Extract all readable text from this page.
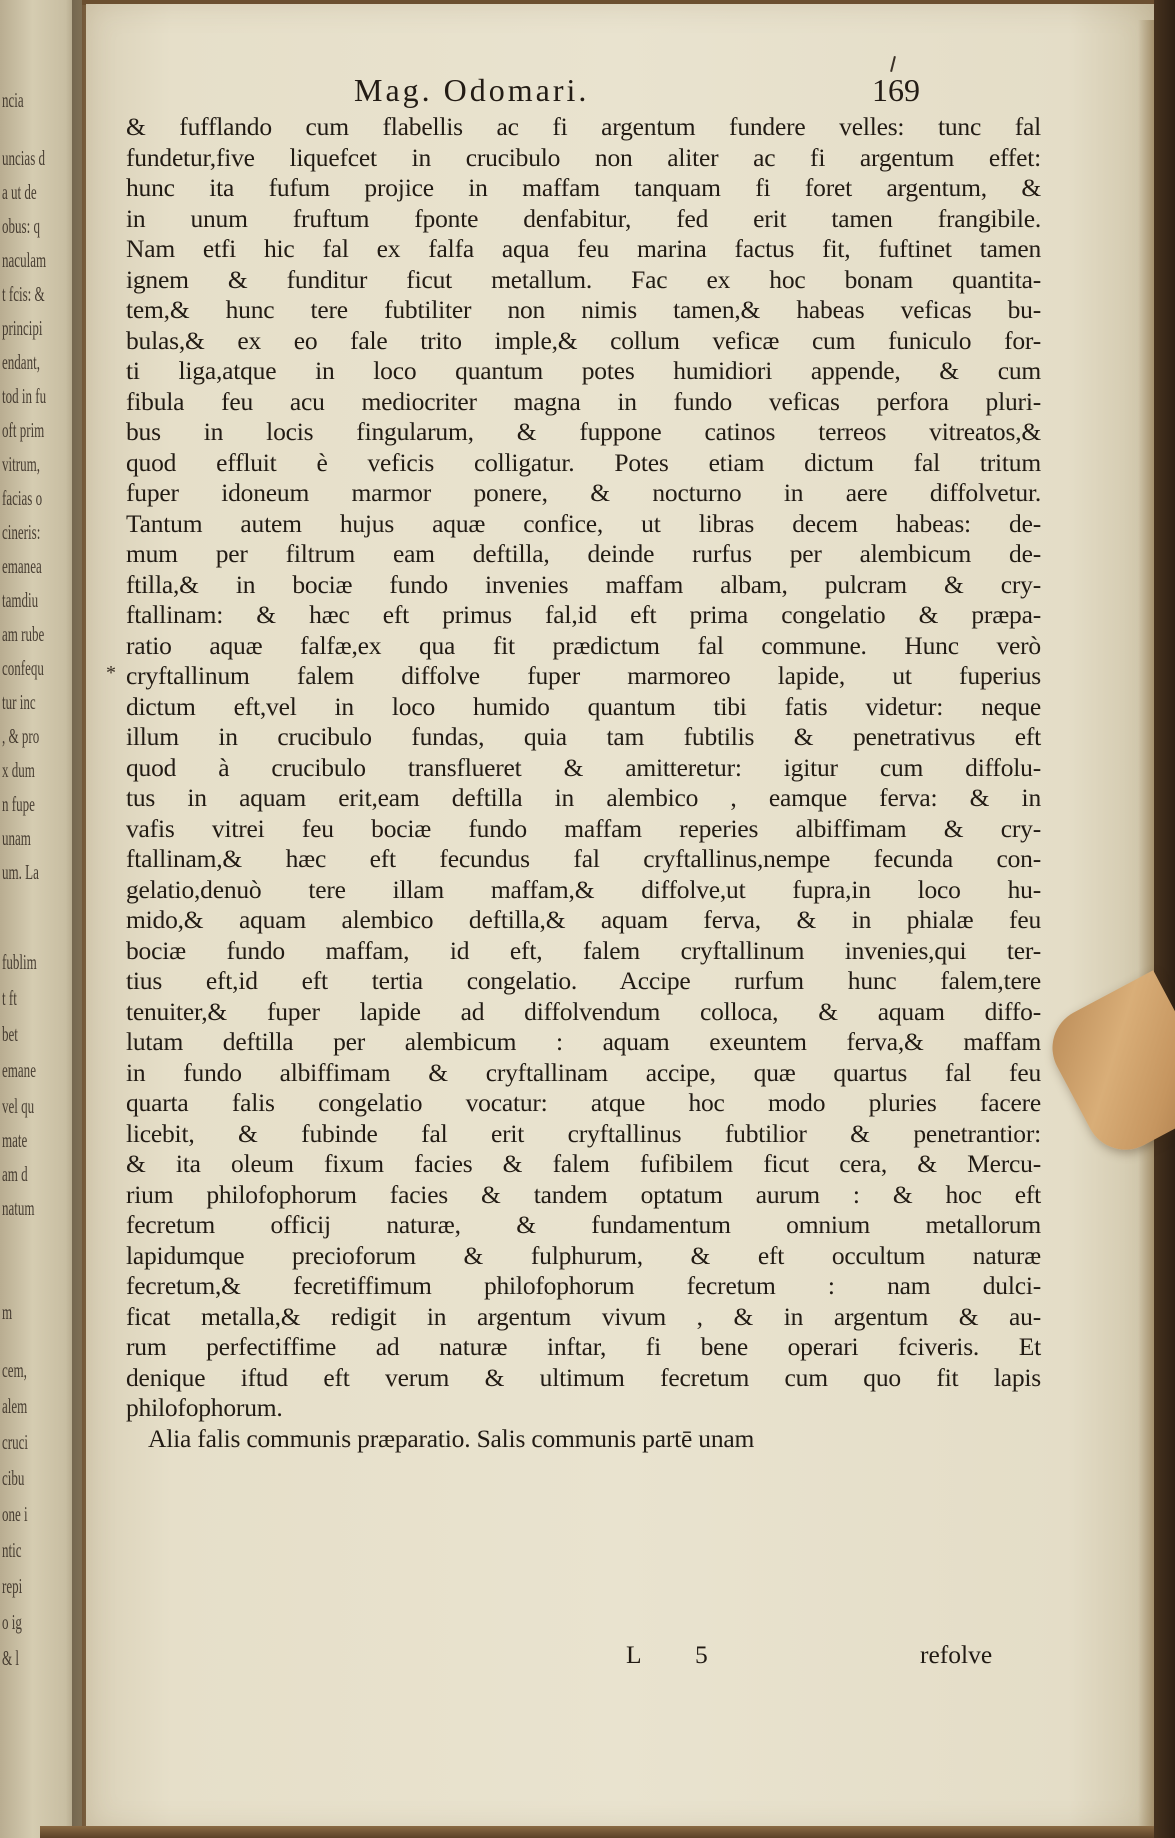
ncia
uncias d
a ut de
obus: q
naculam
t fcis: &
principi
endant,
tod in fu
oft prim
vitrum,
facias o
cineris:
emanea
tamdiu
am rube
confequ
tur inc
, & pro
x dum
n fupe
unam
um. La
fublim
t ft
bet
emane
vel qu
mate
am d
natum
m
cem,
alem
cruci
cibu
one i
ntic
repi
o ig
& l
Mag. Odomari.	169
*
& fufflando cum flabellis ac fi argentum fundere velles: tunc fal
fundetur,five liquefcet in crucibulo non aliter ac fi argentum effet:
hunc ita fufum projice in maffam tanquam fi foret argentum, &
in unum fruftum fponte denfabitur, fed erit tamen frangibile.
Nam etfi hic fal ex falfa aqua feu marina factus fit, fuftinet tamen
ignem & funditur ficut metallum. Fac ex hoc bonam quantita-
tem,& hunc tere fubtiliter non nimis tamen,& habeas veficas bu-
bulas,& ex eo fale trito imple,& collum veficæ cum funiculo for-
ti liga,atque in loco quantum potes humidiori appende, & cum
fibula feu acu mediocriter magna in fundo veficas perfora pluri-
bus in locis fingularum, & fuppone catinos terreos vitreatos,&
quod effluit è veficis colligatur. Potes etiam dictum fal tritum
fuper idoneum marmor ponere, & nocturno in aere diffolvetur.
Tantum autem hujus aquæ confice, ut libras decem habeas: de-
mum per filtrum eam deftilla, deinde rurfus per alembicum de-
ftilla,& in bociæ fundo invenies maffam albam, pulcram & cry-
ftallinam: & hæc eft primus fal,id eft prima congelatio & præpa-
ratio aquæ falfæ,ex qua fit prædictum fal commune. Hunc verò
cryftallinum falem diffolve fuper marmoreo lapide, ut fuperius
dictum eft,vel in loco humido quantum tibi fatis videtur: neque
illum in crucibulo fundas, quia tam fubtilis & penetrativus eft
quod à crucibulo transflueret & amitteretur: igitur cum diffolu-
tus in aquam erit,eam deftilla in alembico , eamque ferva: & in
vafis vitrei feu bociæ fundo maffam reperies albiffimam & cry-
ftallinam,& hæc eft fecundus fal cryftallinus,nempe fecunda con-
gelatio,denuò tere illam maffam,& diffolve,ut fupra,in loco hu-
mido,& aquam alembico deftilla,& aquam ferva, & in phialæ feu
bociæ fundo maffam, id eft, falem cryftallinum invenies,qui ter-
tius eft,id eft tertia congelatio. Accipe rurfum hunc falem,tere
tenuiter,& fuper lapide ad diffolvendum colloca, & aquam diffo-
lutam deftilla per alembicum : aquam exeuntem ferva,& maffam
in fundo albiffimam & cryftallinam accipe, quæ quartus fal feu
quarta falis congelatio vocatur: atque hoc modo pluries facere
licebit, & fubinde fal erit cryftallinus fubtilior & penetrantior:
& ita oleum fixum facies & falem fufibilem ficut cera, & Mercu-
rium philofophorum facies & tandem optatum aurum : & hoc eft
fecretum officij naturæ, & fundamentum omnium metallorum
lapidumque precioforum & fulphurum, & eft occultum naturæ
fecretum,& fecretiffimum philofophorum fecretum : nam dulci-
ficat metalla,& redigit in argentum vivum , & in argentum & au-
rum perfectiffime ad naturæ inftar, fi bene operari fciveris. Et
denique iftud eft verum & ultimum fecretum cum quo fit lapis
philofophorum.
Alia falis communis præparatio. Salis communis partē unam
L 5	refolve
